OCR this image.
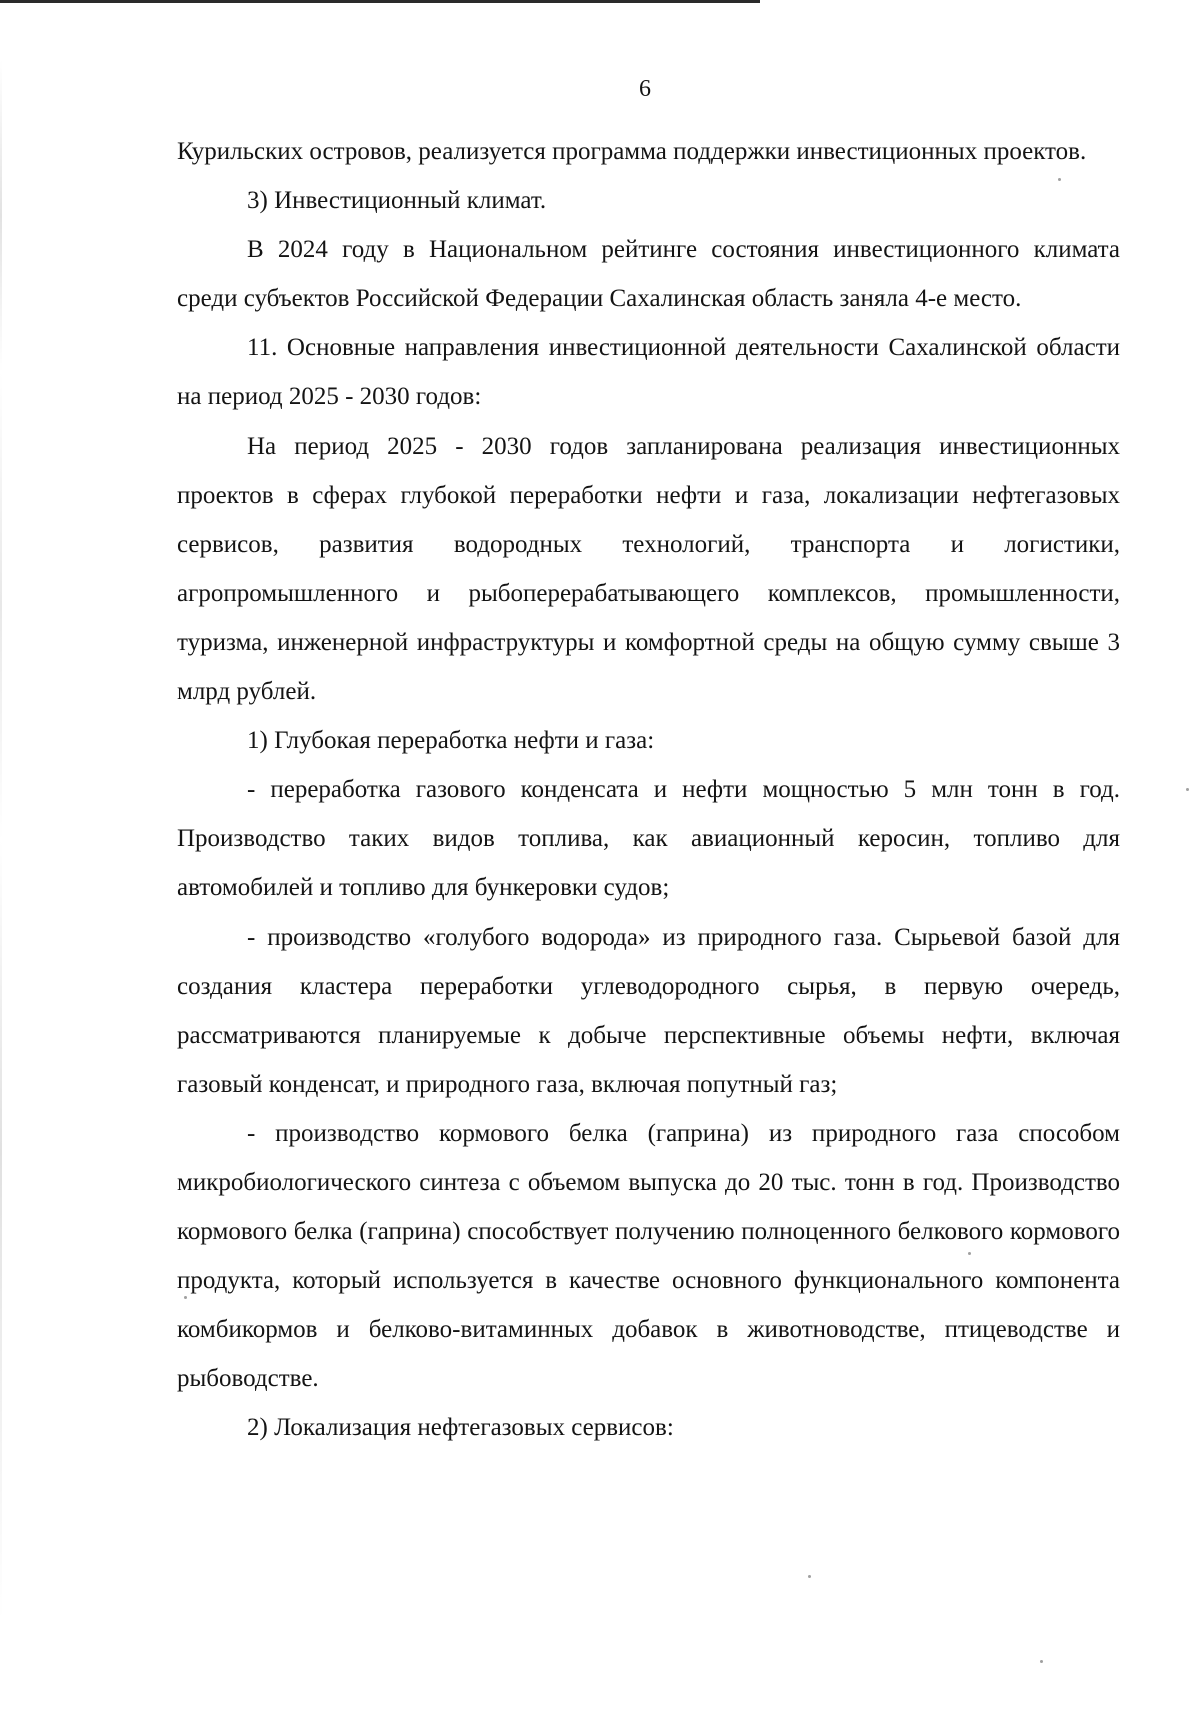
6

Курильских островов, реализуется программа поддержки инвестиционных проектов.

3) Инвестиционный климат.

В 2024 году в Национальном рейтинге состояния инвестиционного климата среди субъектов Российской Федерации Сахалинская область заняла 4-е место.

11. Основные направления инвестиционной деятельности Сахалинской области на период 2025 - 2030 годов:

На период 2025 - 2030 годов запланирована реализация инвестиционных проектов в сферах глубокой переработки нефти и газа, локализации нефтегазовых сервисов, развития водородных технологий, транспорта и логистики, агропромышленного и рыбоперерабатывающего комплексов, промышленности, туризма, инженерной инфраструктуры и комфортной среды на общую сумму свыше 3 млрд рублей.

1) Глубокая переработка нефти и газа:

- переработка газового конденсата и нефти мощностью 5 млн тонн в год. Производство таких видов топлива, как авиационный керосин, топливо для автомобилей и топливо для бункеровки судов;

- производство «голубого водорода» из природного газа. Сырьевой базой для создания кластера переработки углеводородного сырья, в первую очередь, рассматриваются планируемые к добыче перспективные объемы нефти, включая газовый конденсат, и природного газа, включая попутный газ;

- производство кормового белка (гаприна) из природного газа способом микробиологического синтеза с объемом выпуска до 20 тыс. тонн в год. Производство кормового белка (гаприна) способствует получению полноценного белкового кормового продукта, который используется в качестве основного функционального компонента комбикормов и белково-витаминных добавок в животноводстве, птицеводстве и рыбоводстве.

2) Локализация нефтегазовых сервисов:
